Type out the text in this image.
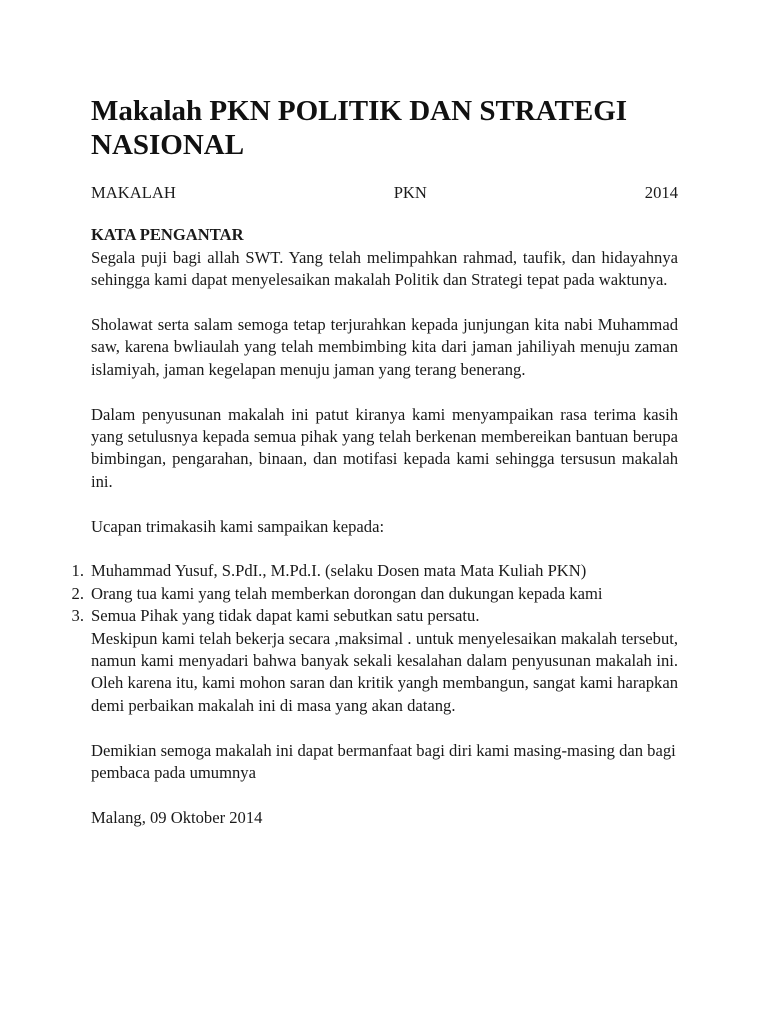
Makalah PKN POLITIK DAN STRATEGI NASIONAL
MAKALAH	PKN	2014
KATA PENGANTAR

Segala puji bagi allah SWT. Yang telah melimpahkan rahmad, taufik, dan hidayahnya sehingga kami dapat menyelesaikan makalah Politik dan Strategi tepat pada waktunya.

Sholawat serta salam semoga tetap terjurahkan kepada junjungan kita nabi Muhammad saw, karena bwliaulah yang telah membimbing kita dari jaman jahiliyah menuju zaman islamiyah, jaman kegelapan menuju jaman yang terang benerang.

Dalam penyusunan makalah ini patut kiranya kami menyampaikan rasa terima kasih yang setulusnya kepada semua pihak yang telah berkenan membereikan bantuan berupa bimbingan, pengarahan, binaan, dan motifasi kepada kami sehingga tersusun makalah ini.

Ucapan trimakasih kami sampaikan kepada:

1. Muhammad Yusuf, S.PdI., M.Pd.I. (selaku Dosen mata Mata Kuliah PKN)
2. Orang tua kami yang telah memberkan dorongan dan dukungan kepada kami
3. Semua Pihak yang tidak dapat kami sebutkan satu persatu.

Meskipun kami telah bekerja secara ,maksimal . untuk menyelesaikan makalah tersebut, namun kami menyadari bahwa banyak sekali kesalahan dalam penyusunan makalah ini. Oleh karena itu, kami mohon saran dan kritik yangh membangun, sangat kami harapkan demi perbaikan makalah ini di masa yang akan datang.

Demikian semoga makalah ini dapat bermanfaat bagi diri kami masing-masing dan bagi pembaca pada umumnya

Malang, 09 Oktober 2014
